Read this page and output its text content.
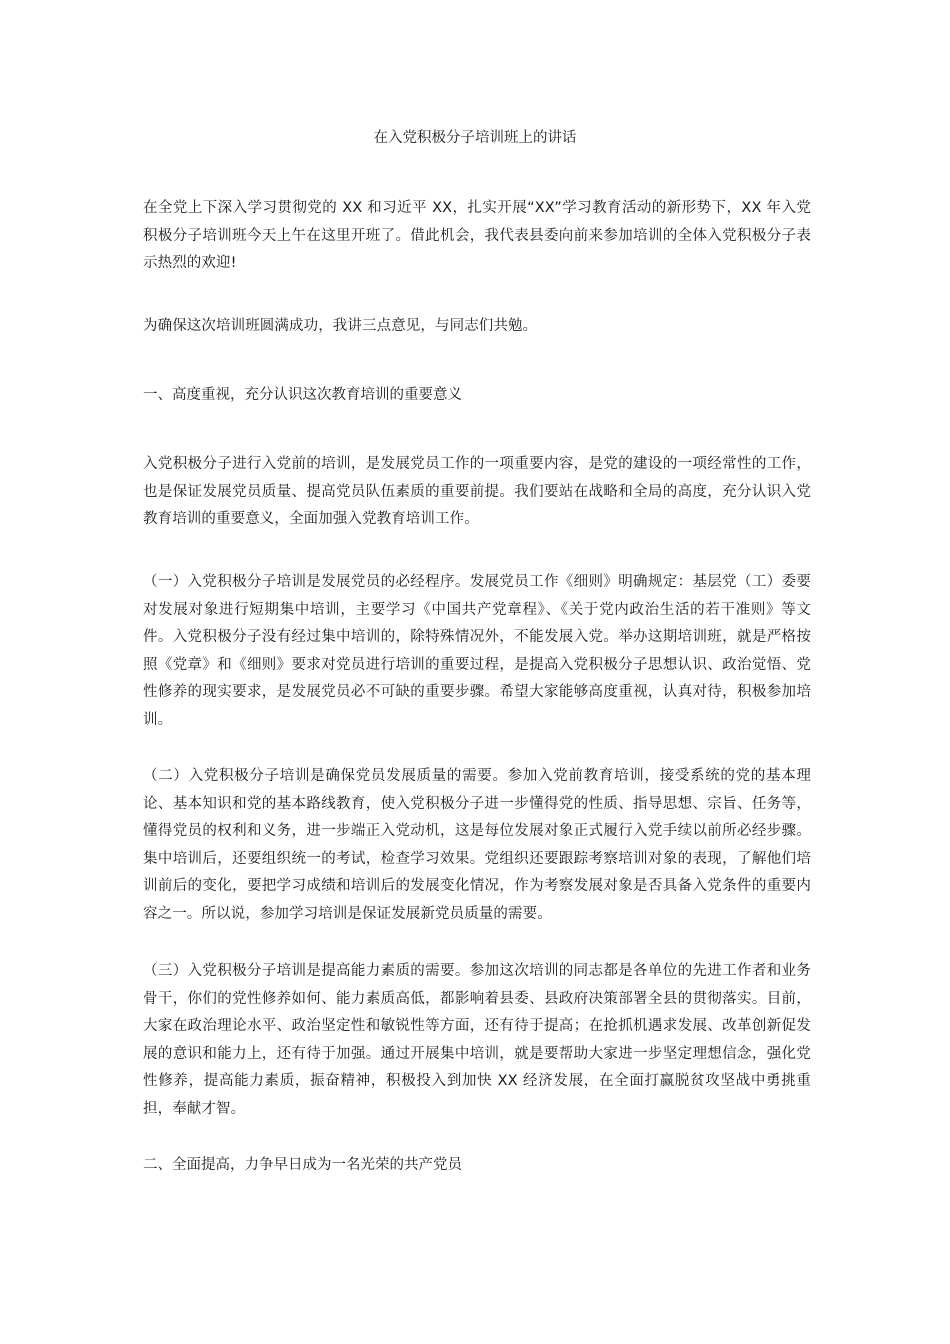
在入党积极分子培训班上的讲话

在全党上下深入学习贯彻党的 XX 和习近平 XX，扎实开展“XX”学习教育活动的新形势下，XX 年入党积极分子培训班今天上午在这里开班了。借此机会，我代表县委向前来参加培训的全体入党积极分子表示热烈的欢迎!

为确保这次培训班圆满成功，我讲三点意见，与同志们共勉。

一、高度重视，充分认识这次教育培训的重要意义

入党积极分子进行入党前的培训，是发展党员工作的一项重要内容，是党的建设的一项经常性的工作，也是保证发展党员质量、提高党员队伍素质的重要前提。我们要站在战略和全局的高度，充分认识入党教育培训的重要意义，全面加强入党教育培训工作。

（一）入党积极分子培训是发展党员的必经程序。发展党员工作《细则》明确规定：基层党（工）委要对发展对象进行短期集中培训，主要学习《中国共产党章程》、《关于党内政治生活的若干准则》等文件。入党积极分子没有经过集中培训的，除特殊情况外，不能发展入党。举办这期培训班，就是严格按照《党章》和《细则》要求对党员进行培训的重要过程，是提高入党积极分子思想认识、政治觉悟、党性修养的现实要求，是发展党员必不可缺的重要步骤。希望大家能够高度重视，认真对待，积极参加培训。

（二）入党积极分子培训是确保党员发展质量的需要。参加入党前教育培训，接受系统的党的基本理论、基本知识和党的基本路线教育，使入党积极分子进一步懂得党的性质、指导思想、宗旨、任务等，懂得党员的权利和义务，进一步端正入党动机，这是每位发展对象正式履行入党手续以前所必经步骤。集中培训后，还要组织统一的考试，检查学习效果。党组织还要跟踪考察培训对象的表现，了解他们培训前后的变化，要把学习成绩和培训后的发展变化情况，作为考察发展对象是否具备入党条件的重要内容之一。所以说，参加学习培训是保证发展新党员质量的需要。

（三）入党积极分子培训是提高能力素质的需要。参加这次培训的同志都是各单位的先进工作者和业务骨干，你们的党性修养如何、能力素质高低，都影响着县委、县政府决策部署全县的贯彻落实。目前，大家在政治理论水平、政治坚定性和敏锐性等方面，还有待于提高；在抢抓机遇求发展、改革创新促发展的意识和能力上，还有待于加强。通过开展集中培训，就是要帮助大家进一步坚定理想信念，强化党性修养，提高能力素质，振奋精神，积极投入到加快 XX 经济发展，在全面打赢脱贫攻坚战中勇挑重担，奉献才智。

二、全面提高，力争早日成为一名光荣的共产党员
